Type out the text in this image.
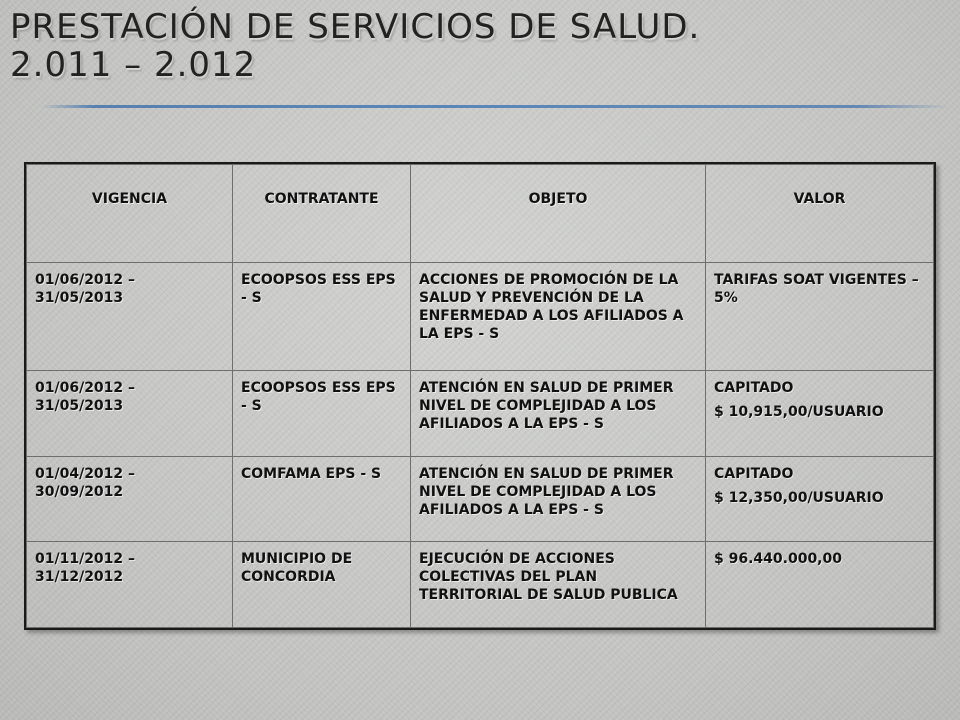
PRESTACIÓN DE SERVICIOS DE SALUD.
2.011 – 2.012
VIGENCIA	CONTRATANTE	OBJETO	VALOR
01/06/2012 – 31/05/2013	ECOOPSOS ESS EPS - S	ACCIONES DE PROMOCIÓN DE LA SALUD Y PREVENCIÓN DE LA ENFERMEDAD A LOS AFILIADOS A LA EPS - S	TARIFAS SOAT VIGENTES – 5%

01/06/2012 – 31/05/2013	ECOOPSOS ESS EPS - S	ATENCIÓN EN SALUD DE PRIMER NIVEL DE COMPLEJIDAD A LOS AFILIADOS A LA EPS - S	CAPITADO
$ 10,915,00/USUARIO

01/04/2012 – 30/09/2012	COMFAMA EPS - S	ATENCIÓN EN SALUD DE PRIMER NIVEL DE COMPLEJIDAD A LOS AFILIADOS A LA EPS - S	CAPITADO
$ 12,350,00/USUARIO

01/11/2012 – 31/12/2012	MUNICIPIO DE CONCORDIA	EJECUCIÓN DE ACCIONES COLECTIVAS DEL PLAN TERRITORIAL DE SALUD PUBLICA	$ 96.440.000,00
